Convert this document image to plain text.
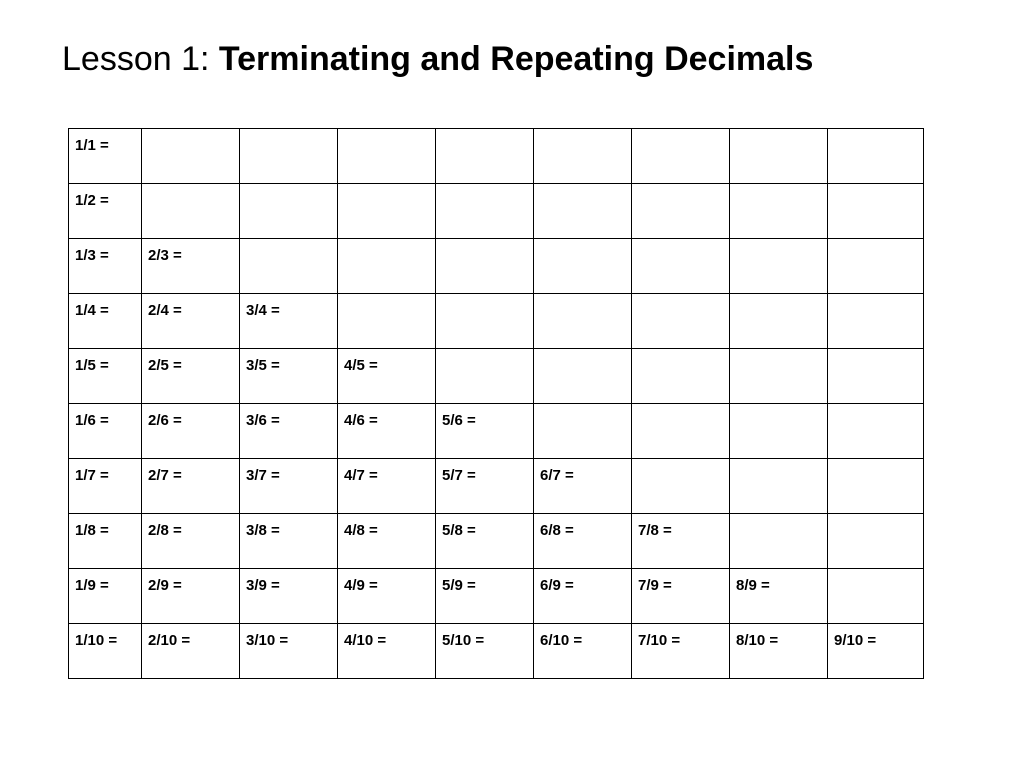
Lesson 1: Terminating and Repeating Decimals
1/1 =								

1/2 =								

1/3 =	2/3 =							

1/4 =	2/4 =	3/4 =						

1/5 =	2/5 =	3/5 =	4/5 =					

1/6 =	2/6 =	3/6 =	4/6 =	5/6 =				

1/7 =	2/7 =	3/7 =	4/7 =	5/7 =	6/7 =			

1/8 =	2/8 =	3/8 =	4/8 =	5/8 =	6/8 =	7/8 =		

1/9 =	2/9 =	3/9 =	4/9 =	5/9 =	6/9 =	7/9 =	8/9 =	

1/10 =	2/10 =	3/10 =	4/10 =	5/10 =	6/10 =	7/10 =	8/10 =	9/10 =
